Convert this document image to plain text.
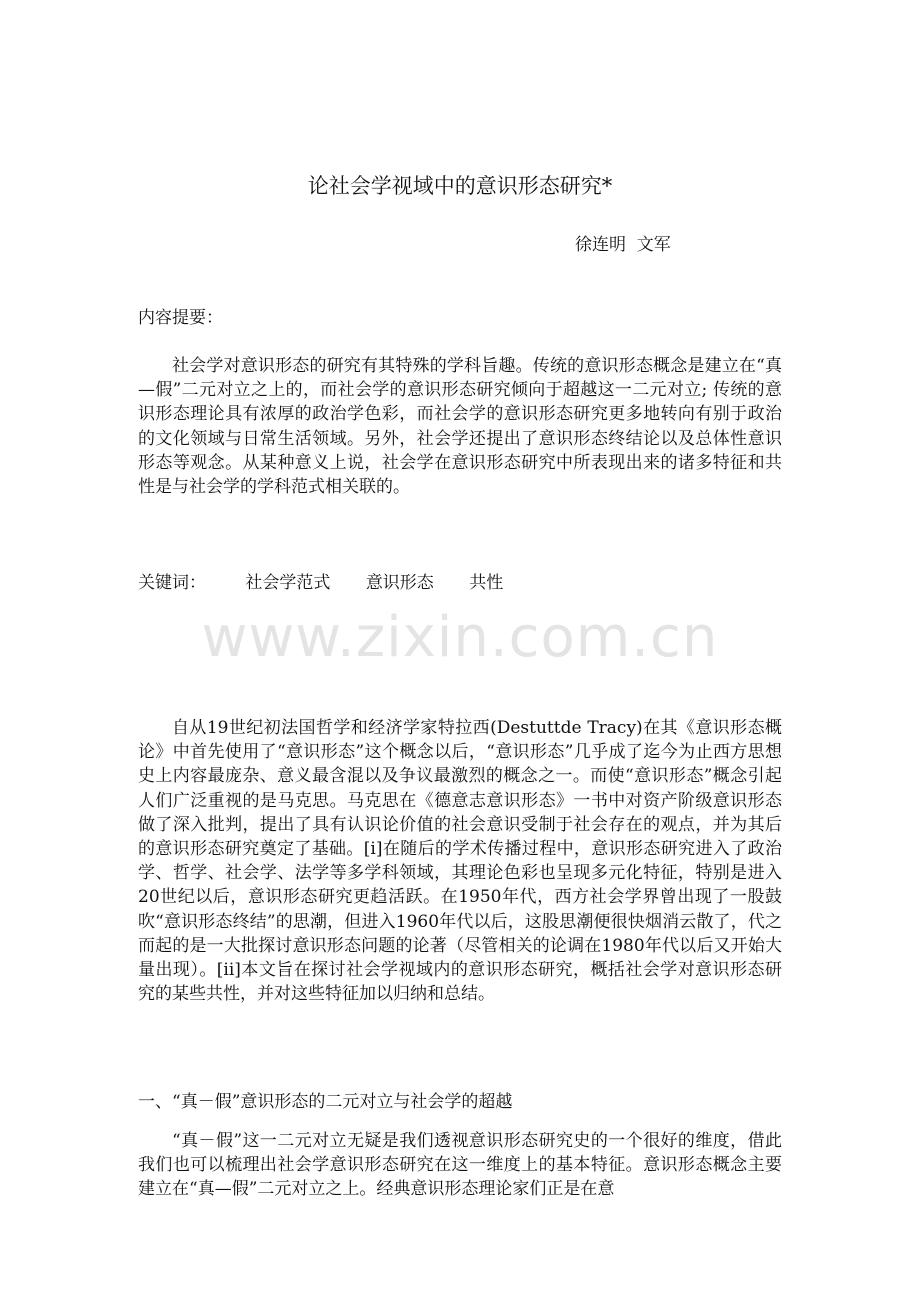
论社会学视域中的意识形态研究*
徐连明  文军
内容提要：

社会学对意识形态的研究有其特殊的学科旨趣。传统的意识形态概念是建立在“真—假”二元对立之上的，而社会学的意识形态研究倾向于超越这一二元对立; 传统的意识形态理论具有浓厚的政治学色彩，而社会学的意识形态研究更多地转向有别于政治的文化领域与日常生活领域。另外，社会学还提出了意识形态终结论以及总体性意识形态等观念。从某种意义上说，社会学在意识形态研究中所表现出来的诸多特征和共性是与社会学的学科范式相关联的。

关键词： 社会学范式 意识形态 共性
www.zixin.com.cn

自从19世纪初法国哲学和经济学家特拉西(Destuttde Tracy)在其《意识形态概论》中首先使用了“意识形态”这个概念以后，“意识形态”几乎成了迄今为止西方思想史上内容最庞杂、意义最含混以及争议最激烈的概念之一。而使“意识形态”概念引起人们广泛重视的是马克思。马克思在《德意志意识形态》一书中对资产阶级意识形态做了深入批判，提出了具有认识论价值的社会意识受制于社会存在的观点，并为其后的意识形态研究奠定了基础。[i]在随后的学术传播过程中，意识形态研究进入了政治学、哲学、社会学、法学等多学科领域，其理论色彩也呈现多元化特征，特别是进入20世纪以后，意识形态研究更趋活跃。在1950年代，西方社会学界曾出现了一股鼓吹“意识形态终结”的思潮，但进入1960年代以后，这股思潮便很快烟消云散了，代之而起的是一大批探讨意识形态问题的论著（尽管相关的论调在1980年代以后又开始大量出现）。[ii]本文旨在探讨社会学视域内的意识形态研究，概括社会学对意识形态研究的某些共性，并对这些特征加以归纳和总结。

一、“真－假”意识形态的二元对立与社会学的超越

“真－假”这一二元对立无疑是我们透视意识形态研究史的一个很好的维度，借此我们也可以梳理出社会学意识形态研究在这一维度上的基本特征。意识形态概念主要建立在“真—假”二元对立之上。经典意识形态理论家们正是在意
